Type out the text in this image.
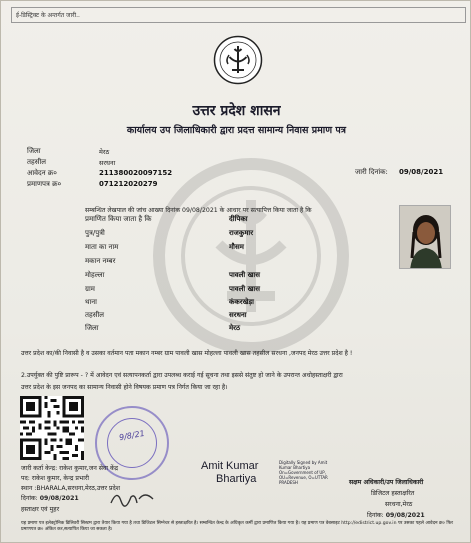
ई-डिस्ट्रिक्ट के अन्तर्गत जारी..
उत्तर प्रदेश शासन
कार्यालय उप जिलाधिकारी द्वारा प्रदत्त सामान्य निवास प्रमाण पत्र
जिला	मेरठ
तहसील	सरधना
आवेदन क्र०	211380020097152
प्रमाणपत्र क्र०	071212020279
जारी दिनांक: 09/08/2021
सम्बन्धित लेखपाल की जांच आख्या दिनांक 09/08/2021 के आधार पर सत्यापित्त किया जाता है कि
प्रमाणित किया जाता है कि	दीपिका
पुत्र/पुत्री	राजकुमार
माता का नाम	मौसम
मकान नम्बर
मोहल्ला	पावली खास
ग्राम	पावली खास
थाना	कंकरखेड़ा
तहसील	सरधना
जिला	मेरठ
उत्तर प्रदेश का/की निवासी है व उसका वर्तमान पता मकान नम्बर ग्राम पावली खास मोहल्ला पावली खास तहसील सरधना ,जनपद मेरठ उत्तर प्रदेश है !
2.उपर्युक्त की पुष्टि प्रारूप - ? में आवेदन एवं सत्यापनकर्ता द्वारा उपलब्ध कराई गई सूचना तथा इससे संतुष्ट हो जाने के उपरान्त अधोहस्ताक्षरी द्वारा
उत्तर प्रदेश के इस जनपद का सामान्य निवासी होने विषयक प्रमाण पत्र निर्गत किया जा रहा है।
9/8/21
जारी कर्ता केन्द्र: राकेश कुमार,जन सेवा केंद्र
पद: राकेश कुमार, केन्द्र प्रभारी
स्थान :BHARALA,सरधना,मेरठ,उत्तर प्रदेश
दिनांक: 09/08/2021
हस्ताक्षर एवं मुहर
Amit Kumar
Bhartiya
Digitally Signed by Amit Kumar Bhartiya On=Government of UP, OU=Revenue, O=UTTAR PRADESH	सक्षम अधिकारी/उप जिलाधिकारी
डिजिटल हस्ताक्षरित
सरधना,मेरठ
दिनांक: 09/08/2021
यह प्रमाण पत्र इलेक्ट्रोनिक डिलिवरी सिस्टम द्वारा तैयार किया गया है तथा डिजिटल सिग्नेचर से हस्ताक्षरित है। सम्बन्धित केन्द्र के अधिकृत कर्मी द्वारा प्रमाणित किया गया है। यह प्रमाण पत्र वेबसाइट http://edistrict.up.gov.in पर उसका पहले आवेदन क्र० फिर प्रमाणपत्र क्र० अंकित कर,सत्यापित किया जा सकता है।
